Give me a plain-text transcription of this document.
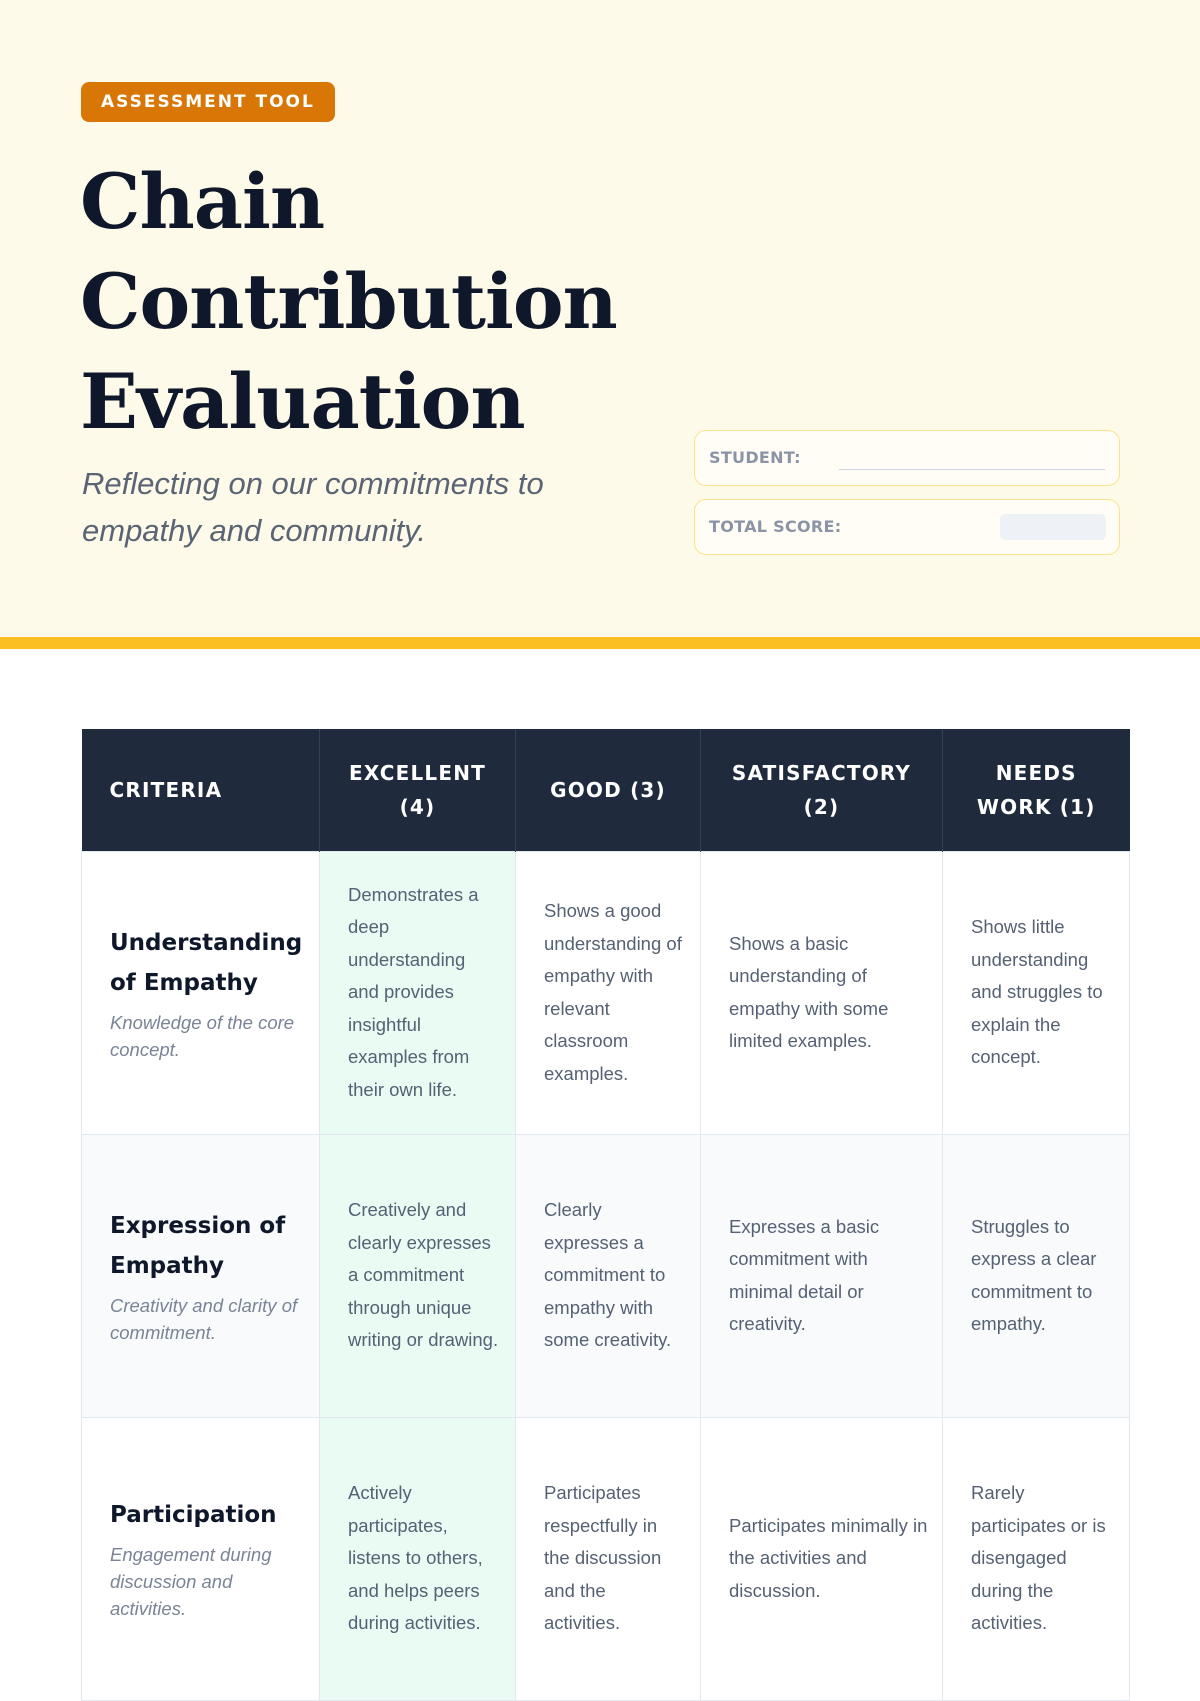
ASSESSMENT TOOL
Chain
Contribution
Evaluation

Reflecting on our commitments to empathy and community.

STUDENT:
TOTAL SCORE:
CRITERIA	EXCELLENT (4)	GOOD (3)	SATISFACTORY (2)	NEEDS WORK (1)

Understanding of Empathy
Knowledge of the core concept.	Demonstrates a deep understanding and provides insightful examples from their own life.	Shows a good understanding of empathy with relevant classroom examples.	Shows a basic understanding of empathy with some limited examples.	Shows little understanding and struggles to explain the concept.

Expression of Empathy
Creativity and clarity of commitment.	Creatively and clearly expresses a commitment through unique writing or drawing.	Clearly expresses a commitment to empathy with some creativity.	Expresses a basic commitment with minimal detail or creativity.	Struggles to express a clear commitment to empathy.

Participation
Engagement during discussion and activities.	Actively participates, listens to others, and helps peers during activities.	Participates respectfully in the discussion and the activities.	Participates minimally in the activities and discussion.	Rarely participates or is disengaged during the activities.
